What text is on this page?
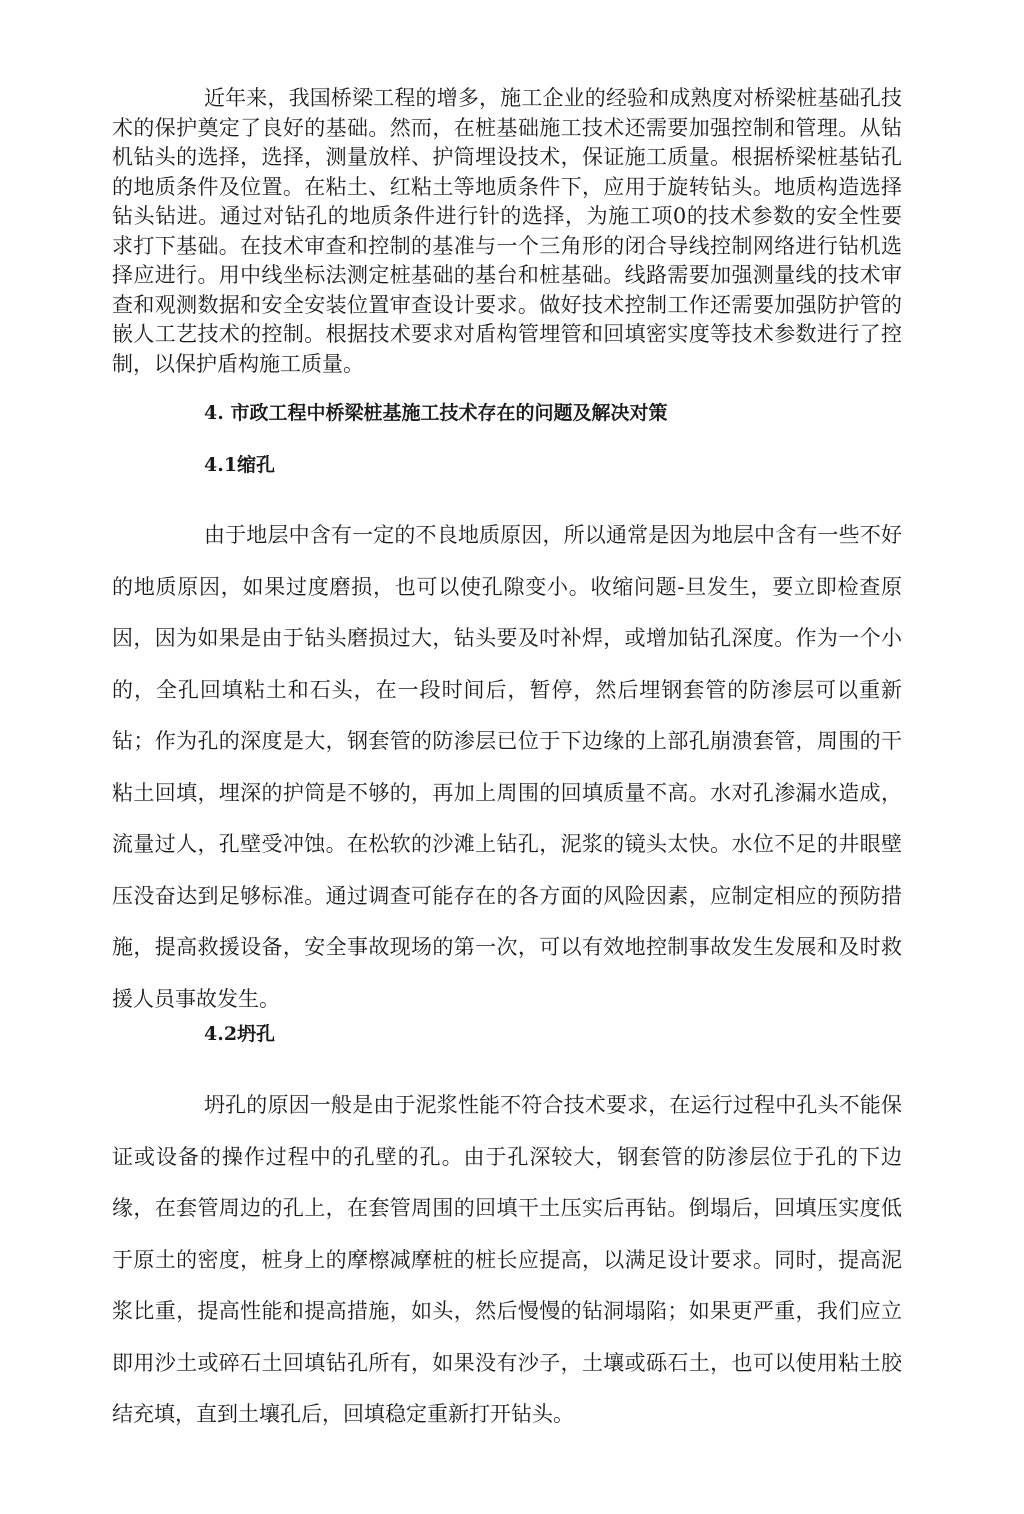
近年来，我国桥梁工程的增多，施工企业的经验和成熟度对桥梁桩基础孔技术的保护奠定了良好的基础。然而，在桩基础施工技术还需要加强控制和管理。从钻机钻头的选择，选择，测量放样、护筒埋设技术，保证施工质量。根据桥梁桩基钻孔的地质条件及位置。在粘土、红粘土等地质条件下，应用于旋转钻头。地质构造选择钻头钻进。通过对钻孔的地质条件进行针的选择，为施工项0的技术参数的安全性要求打下基础。在技术审查和控制的基准与一个三角形的闭合导线控制网络进行钻机选择应进行。用中线坐标法测定桩基础的基台和桩基础。线路需要加强测量线的技术审查和观测数据和安全安装位置审查设计要求。做好技术控制工作还需要加强防护管的嵌人工艺技术的控制。根据技术要求对盾构管埋管和回填密实度等技术参数进行了控制，以保护盾构施工质量。

4. 市政工程中桥梁桩基施工技术存在的问题及解决对策
4.1缩孔

由于地层中含有一定的不良地质原因，所以通常是因为地层中含有一些不好的地质原因，如果过度磨损，也可以使孔隙变小。收缩问题-旦发生，要立即检查原因，因为如果是由于钻头磨损过大，钻头要及吋补焊，或增加钻孔深度。作为一个小的，全孔回填粘土和石头，在一段时间后，暂停，然后埋钢套管的防渗层可以重新钻；作为孔的深度是大，钢套管的防渗层已位于下边缘的上部孔崩溃套管，周围的干粘土回填，埋深的护筒是不够的，再加上周围的回填质量不高。水对孔渗漏水造成，流量过人，孔壁受冲蚀。在松软的沙滩上钻孔，泥浆的镜头太快。水位不足的井眼壁压没奋达到足够标准。通过调查可能存在的各方面的风险因素，应制定相应的预防措施，提高救援设备，安全事故现场的第一次，可以有效地控制事故发生发展和及时救援人员事故发生。

4.2坍孔

坍孔的原因一般是由于泥浆性能不符合技术要求，在运行过程中孔头不能保证或设备的操作过程中的孔壁的孔。由于孔深较大，钢套管的防渗层位于孔的下边缘，在套管周边的孔上，在套管周围的回填干土压实后再钻。倒塌后，回填压实度低于原土的密度，桩身上的摩檫减摩桩的桩长应提高，以满足设计要求。同时，提高泥浆比重，提高性能和提高措施，如头，然后慢慢的钻洞塌陷；如果更严重，我们应立即用沙土或碎石土回填钻孔所有，如果没有沙子，土壤或砾石土，也可以使用粘土胶结充填，直到土壤孔后，回填稳定重新打开钻头。
